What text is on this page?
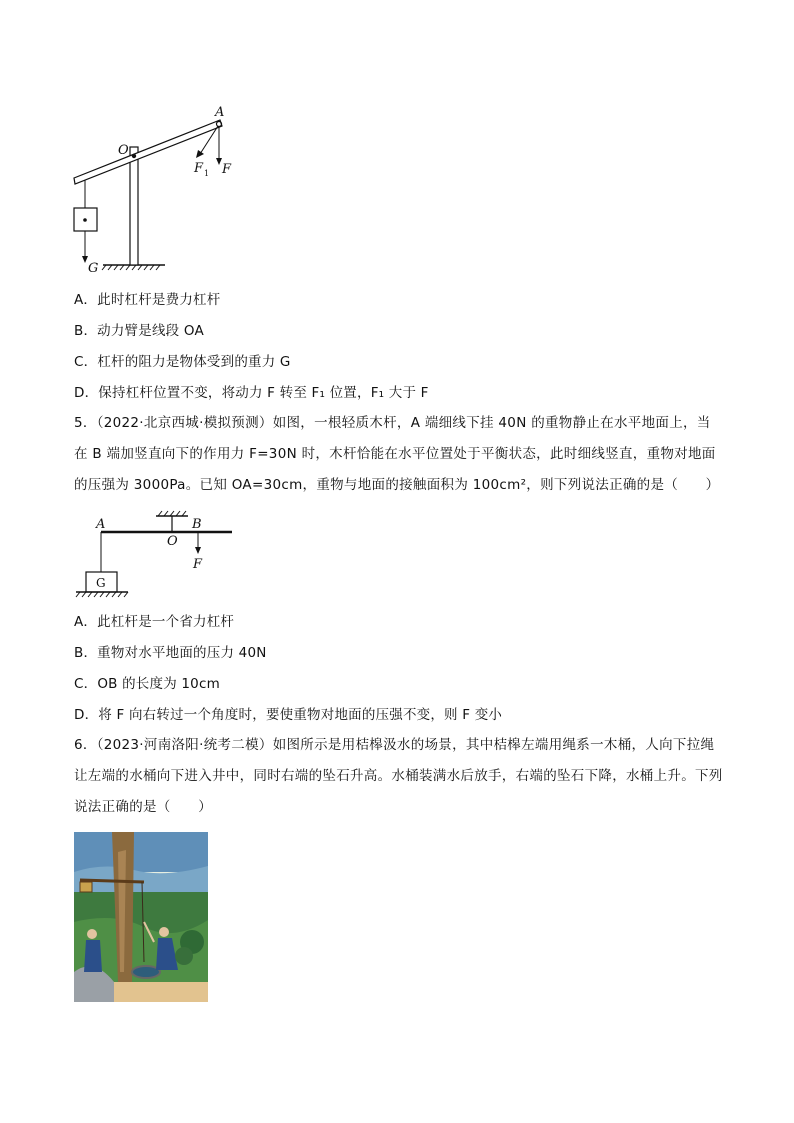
A
O
F 1 F
G
A．此时杠杆是费力杠杆
B．动力臂是线段 OA
C．杠杆的阻力是物体受到的重力 G
D．保持杠杆位置不变，将动力 F 转至 F₁ 位置，F₁ 大于 F
5．（2022·北京西城·模拟预测）如图，一根轻质木杆，A 端细线下挂 40N 的重物静止在水平地面上，当在 B 端加竖直向下的作用力 F=30N 时，木杆恰能在水平位置处于平衡状态，此时细线竖直，重物对地面的压强为 3000Pa。已知 OA=30cm，重物与地面的接触面积为 100cm²，则下列说法正确的是（　　）
A
O
B
F
G
A．此杠杆是一个省力杠杆
B．重物对水平地面的压力 40N
C．OB 的长度为 10cm
D．将 F 向右转过一个角度时，要使重物对地面的压强不变，则 F 变小
6．（2023·河南洛阳·统考二模）如图所示是用桔槔汲水的场景，其中桔槔左端用绳系一木桶，人向下拉绳让左端的水桶向下进入井中，同时右端的坠石升高。水桶装满水后放手，右端的坠石下降，水桶上升。下列说法正确的是（　　）
